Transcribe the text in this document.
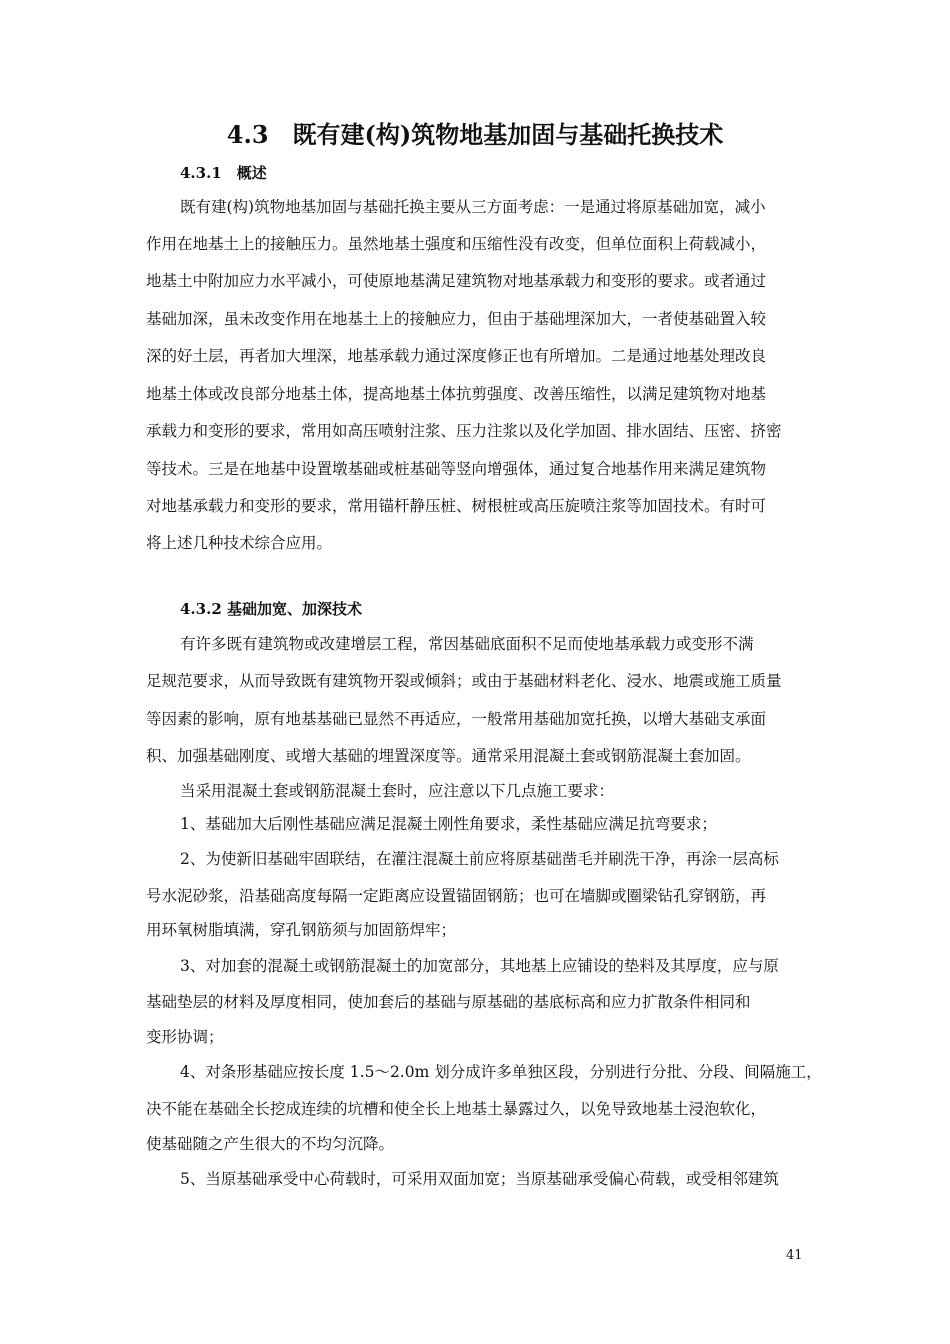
4.3　既有建(构)筑物地基加固与基础托换技术
4.3.1　概述
既有建(构)筑物地基加固与基础托换主要从三方面考虑：一是通过将原基础加宽，减小
作用在地基土上的接触压力。虽然地基土强度和压缩性没有改变，但单位面积上荷载减小，
地基土中附加应力水平减小，可使原地基满足建筑物对地基承载力和变形的要求。或者通过
基础加深，虽未改变作用在地基土上的接触应力，但由于基础埋深加大，一者使基础置入较
深的好土层，再者加大埋深，地基承载力通过深度修正也有所增加。二是通过地基处理改良
地基土体或改良部分地基土体，提高地基土体抗剪强度、改善压缩性，以满足建筑物对地基
承载力和变形的要求，常用如高压喷射注浆、压力注浆以及化学加固、排水固结、压密、挤密
等技术。三是在地基中设置墩基础或桩基础等竖向增强体，通过复合地基作用来满足建筑物
对地基承载力和变形的要求，常用锚杆静压桩、树根桩或高压旋喷注浆等加固技术。有时可
将上述几种技术综合应用。
4.3.2 基础加宽、加深技术
有许多既有建筑物或改建增层工程，常因基础底面积不足而使地基承载力或变形不满
足规范要求，从而导致既有建筑物开裂或倾斜；或由于基础材料老化、浸水、地震或施工质量
等因素的影响，原有地基基础已显然不再适应，一般常用基础加宽托换，以增大基础支承面
积、加强基础刚度、或增大基础的埋置深度等。通常采用混凝土套或钢筋混凝土套加固。
当采用混凝土套或钢筋混凝土套时，应注意以下几点施工要求：
1、基础加大后刚性基础应满足混凝土刚性角要求，柔性基础应满足抗弯要求；
2、为使新旧基础牢固联结，在灌注混凝土前应将原基础凿毛并刷洗干净，再涂一层高标
号水泥砂浆，沿基础高度每隔一定距离应设置锚固钢筋；也可在墙脚或圈梁钻孔穿钢筋，再
用环氧树脂填满，穿孔钢筋须与加固筋焊牢；
3、对加套的混凝土或钢筋混凝土的加宽部分，其地基上应铺设的垫料及其厚度，应与原
基础垫层的材料及厚度相同，使加套后的基础与原基础的基底标高和应力扩散条件相同和
变形协调；
4、对条形基础应按长度 1.5～2.0m 划分成许多单独区段，分别进行分批、分段、间隔施工，
决不能在基础全长挖成连续的坑槽和使全长上地基土暴露过久，以免导致地基土浸泡软化，
使基础随之产生很大的不均匀沉降。
5、当原基础承受中心荷载时，可采用双面加宽；当原基础承受偏心荷载，或受相邻建筑
41
